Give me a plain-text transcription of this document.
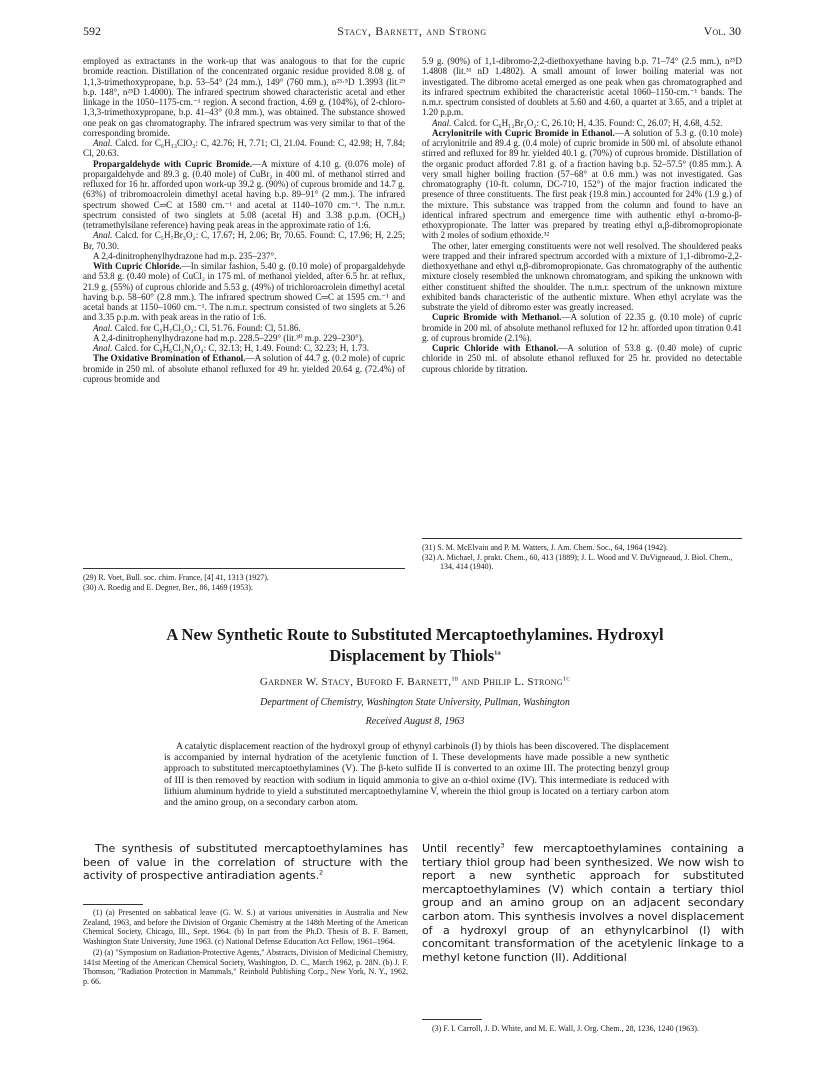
592	Stacy, Barnett, and Strong	Vol. 30

employed as extractants in the work-up that was analogous to that for the cupric bromide reaction. Distillation of the concentrated organic residue provided 8.08 g. of 1,1,3-trimethoxypropane, b.p. 53–54° (24 mm.), 149° (760 mm.), n²³·⁵D 1.3993 (lit.²⁹ b.p. 148°, n²⁵D 1.4000). The infrared spectrum showed characteristic acetal and ether linkage in the 1050–1175-cm.⁻¹ region. A second fraction, 4.69 g. (104%), of 2-chloro-1,3,3-trimethoxypropane, b.p. 41–43° (0.8 mm.), was obtained. The substance showed one peak on gas chromatography. The infrared spectrum was very similar to that of the corresponding bromide.

Anal. Calcd. for C₆H₁₃ClO₃: C, 42.76; H, 7.71; Cl, 21.04. Found: C, 42.98; H, 7.84; Cl, 20.63.

Propargaldehyde with Cupric Bromide.—A mixture of 4.10 g. (0.076 mole) of propargaldehyde and 89.3 g. (0.40 mole) of CuBr₂ in 400 ml. of methanol stirred and refluxed for 16 hr. afforded upon work-up 39.2 g. (90%) of cuprous bromide and 14.7 g. (63%) of tribromoacrolein dimethyl acetal having b.p. 89–91° (2 mm.). The infrared spectrum showed C═C at 1580 cm.⁻¹ and acetal at 1140–1070 cm.⁻¹. The n.m.r. spectrum consisted of two singlets at 5.08 (acetal H) and 3.38 p.p.m. (OCH₃) (tetramethylsilane reference) having peak areas in the approximate ratio of 1:6.

Anal. Calcd. for C₅H₇Br₃O₂: C, 17.67; H, 2.06; Br, 70.65. Found: C, 17.96; H, 2.25; Br, 70.30.

A 2,4-dinitrophenylhydrazone had m.p. 235–237°.

With Cupric Chloride.—In similar fashion, 5.40 g. (0.10 mole) of propargaldehyde and 53.8 g. (0.40 mole) of CuCl₂ in 175 ml. of methanol yielded, after 6.5 hr. at reflux, 21.9 g. (55%) of cuprous chloride and 5.53 g. (49%) of trichloroacrolein dimethyl acetal having b.p. 58–60° (2.8 mm.). The infrared spectrum showed C═C at 1595 cm.⁻¹ and acetal bands at 1150–1060 cm.⁻¹. The n.m.r. spectrum consisted of two singlets at 5.26 and 3.35 p.p.m. with peak areas in the ratio of 1:6.

Anal. Calcd. for C₅H₇Cl₃O₂: Cl, 51.76. Found: Cl, 51.86.

A 2,4-dinitrophenylhydrazone had m.p. 228.5–229° (lit.³⁰ m.p. 229–230°).

Anal. Calcd. for C₉H₆Cl₂N₄O₄: C, 32.13; H, 1.49. Found: C, 32.23; H, 1.73.

The Oxidative Bromination of Ethanol.—A solution of 44.7 g. (0.2 mole) of cupric bromide in 250 ml. of absolute ethanol refluxed for 49 hr. yielded 20.64 g. (72.4%) of cuprous bromide and

(29) R. Voet, Bull. soc. chim. France, [4] 41, 1313 (1927).

(30) A. Roedig and E. Degner, Ber., 86, 1469 (1953).

5.9 g. (90%) of 1,1-dibromo-2,2-diethoxyethane having b.p. 71–74° (2.5 mm.), n²⁵D 1.4808 (lit.³¹ nD 1.4802). A small amount of lower boiling material was not investigated. The dibromo acetal emerged as one peak when gas chromatographed and its infrared spectrum exhibited the characteristic acetal 1060–1150-cm.⁻¹ bands. The n.m.r. spectrum consisted of doublets at 5.60 and 4.60, a quartet at 3.65, and a triplet at 1.20 p.p.m.

Anal. Calcd. for C₆H₁₂Br₂O₂: C, 26.10; H, 4.35. Found: C, 26.07; H, 4.68, 4.52.

Acrylonitrile with Cupric Bromide in Ethanol.—A solution of 5.3 g. (0.10 mole) of acrylonitrile and 89.4 g. (0.4 mole) of cupric bromide in 500 ml. of absolute ethanol stirred and refluxed for 89 hr. yielded 40.1 g. (70%) of cuprous bromide. Distillation of the organic product afforded 7.81 g. of a fraction having b.p. 52–57.5° (0.85 mm.). A very small higher boiling fraction (57–68° at 0.6 mm.) was not investigated. Gas chromatography (10-ft. column, DC-710, 152°) of the major fraction indicated the presence of three constituents. The first peak (19.8 min.) accounted for 24% (1.9 g.) of the mixture. This substance was trapped from the column and found to have an identical infrared spectrum and emergence time with authentic ethyl α-bromo-β-ethoxypropionate. The latter was prepared by treating ethyl α,β-dibromopropionate with 2 moles of sodium ethoxide.³²

The other, later emerging constituents were not well resolved. The shouldered peaks were trapped and their infrared spectrum accorded with a mixture of 1,1-dibromo-2,2-diethoxyethane and ethyl α,β-dibromopropionate. Gas chromatography of the authentic mixture closely resembled the unknown chromatogram, and spiking the unknown with either constituent shifted the shoulder. The n.m.r. spectrum of the unknown mixture exhibited bands characteristic of the authentic mixture. When ethyl acrylate was the substrate the yield of dibromo ester was greatly increased.

Cupric Bromide with Methanol.—A solution of 22.35 g. (0.10 mole) of cupric bromide in 200 ml. of absolute methanol refluxed for 12 hr. afforded upon titration 0.41 g. of cuprous bromide (2.1%).

Cupric Chloride with Ethanol.—A solution of 53.8 g. (0.40 mole) of cupric chloride in 250 ml. of absolute ethanol refluxed for 25 hr. provided no detectable cuprous chloride by titration.

(31) S. M. McElvain and P. M. Watters, J. Am. Chem. Soc., 64, 1964 (1942).

(32) A. Michael, J. prakt. Chem., 60, 413 (1889); J. L. Wood and V. DuVigneaud, J. Biol. Chem., 134, 414 (1940).

A New Synthetic Route to Substituted Mercaptoethylamines. Hydroxyl
Displacement by Thiols$^{1a}$
Gardner W. Stacy, Buford F. Barnett,$^{1b}$ and Philip L. Strong$^{1c}$
Department of Chemistry, Washington State University, Pullman, Washington
Received August 8, 1963
A catalytic displacement reaction of the hydroxyl group of ethynyl carbinols (I) by thiols has been discovered. The displacement is accompanied by internal hydration of the acetylenic function of I. These developments have made possible a new synthetic approach to substituted mercaptoethylamines (V). The β-keto sulfide II is converted to an oxime III. The protecting benzyl group of III is then removed by reaction with sodium in liquid ammonia to give an α-thiol oxime (IV). This intermediate is reduced with lithium aluminum hydride to yield a substituted mercaptoethylamine V, wherein the thiol group is located on a tertiary carbon atom and the amino group, on a secondary carbon atom.

The synthesis of substituted mercaptoethylamines has been of value in the correlation of structure with the activity of prospective antiradiation agents.$^2$

Until recently$^3$ few mercaptoethylamines containing a tertiary thiol group had been synthesized. We now wish to report a new synthetic approach for substituted mercaptoethylamines (V) which contain a tertiary thiol group and an amino group on an adjacent secondary carbon atom. This synthesis involves a novel displacement of a hydroxyl group of an ethynylcarbinol (I) with concomitant transformation of the acetylenic linkage to a methyl ketone function (II). Additional

(1) (a) Presented on sabbatical leave (G. W. S.) at various universities in Australia and New Zealand, 1963, and before the Division of Organic Chemistry at the 148th Meeting of the American Chemical Society, Chicago, Ill., Sept. 1964. (b) In part from the Ph.D. Thesis of B. F. Barnett, Washington State University, June 1963. (c) National Defense Education Act Fellow, 1961–1964.

(2) (a) "Symposium on Radiation-Protective Agents," Abstracts, Division of Medicinal Chemistry, 141st Meeting of the American Chemical Society, Washington, D. C., March 1962, p. 28N. (b) J. F. Thomson, "Radiation Protection in Mammals," Reinhold Publishing Corp., New York, N. Y., 1962, p. 66.

(3) F. I. Carroll, J. D. White, and M. E. Wall, J. Org. Chem., 28, 1236, 1240 (1963).
